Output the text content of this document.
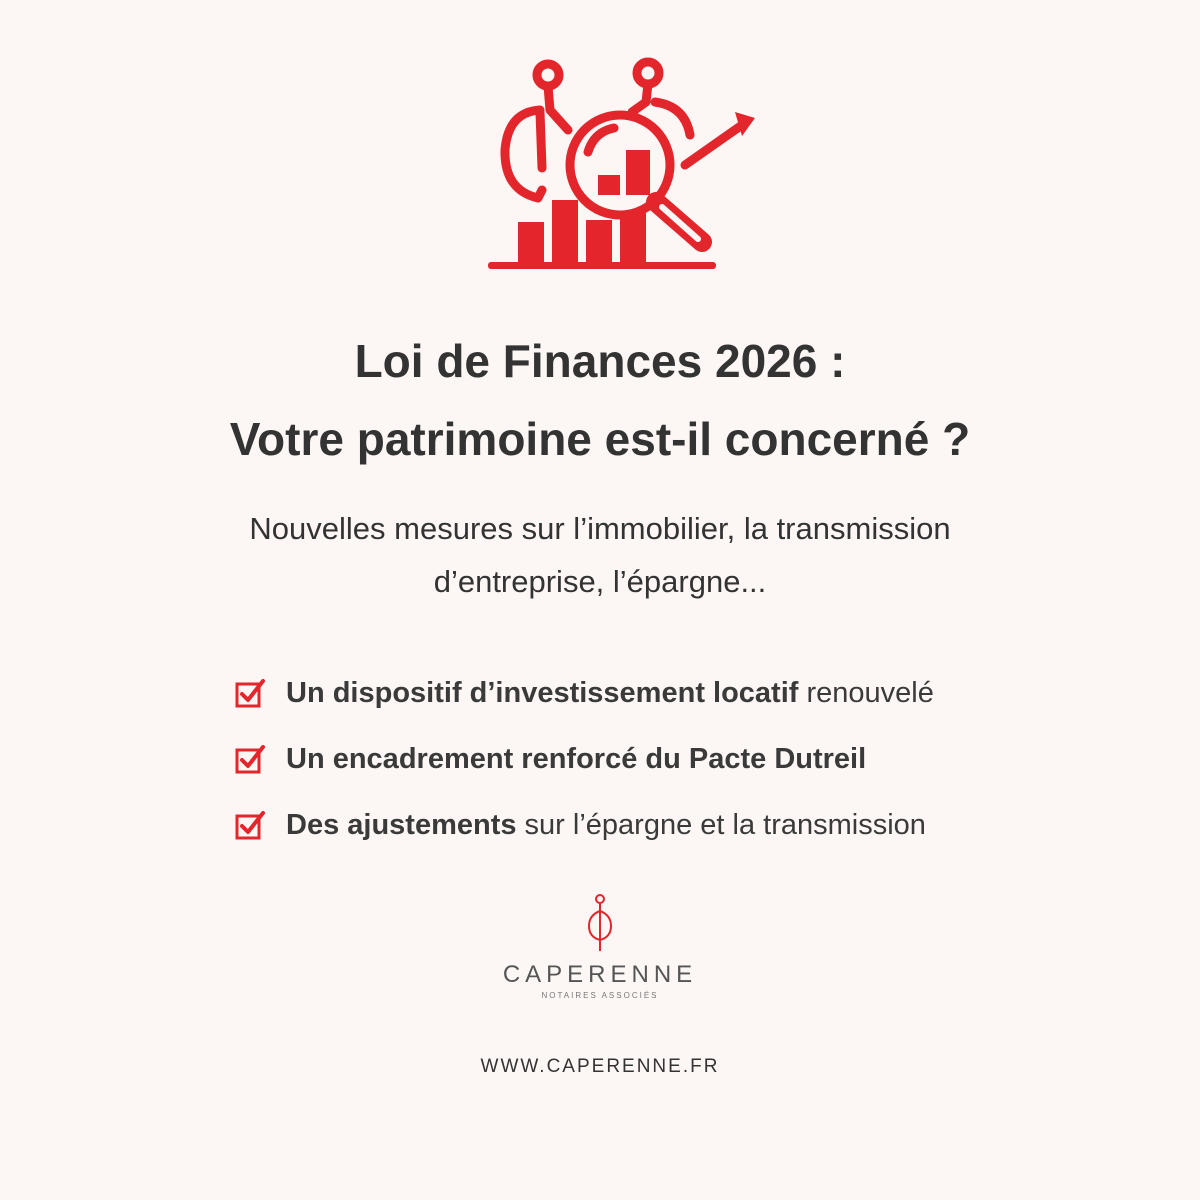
Loi de Finances 2026 :
Votre patrimoine est-il concerné ?
Nouvelles mesures sur l’immobilier, la transmission
d’entreprise, l’épargne...
Un dispositif d’investissement locatif renouvelé
Un encadrement renforcé du Pacte Dutreil
Des ajustements sur l’épargne et la transmission
CAPERENNE
NOTAIRES ASSOCIÉS
WWW.CAPERENNE.FR
